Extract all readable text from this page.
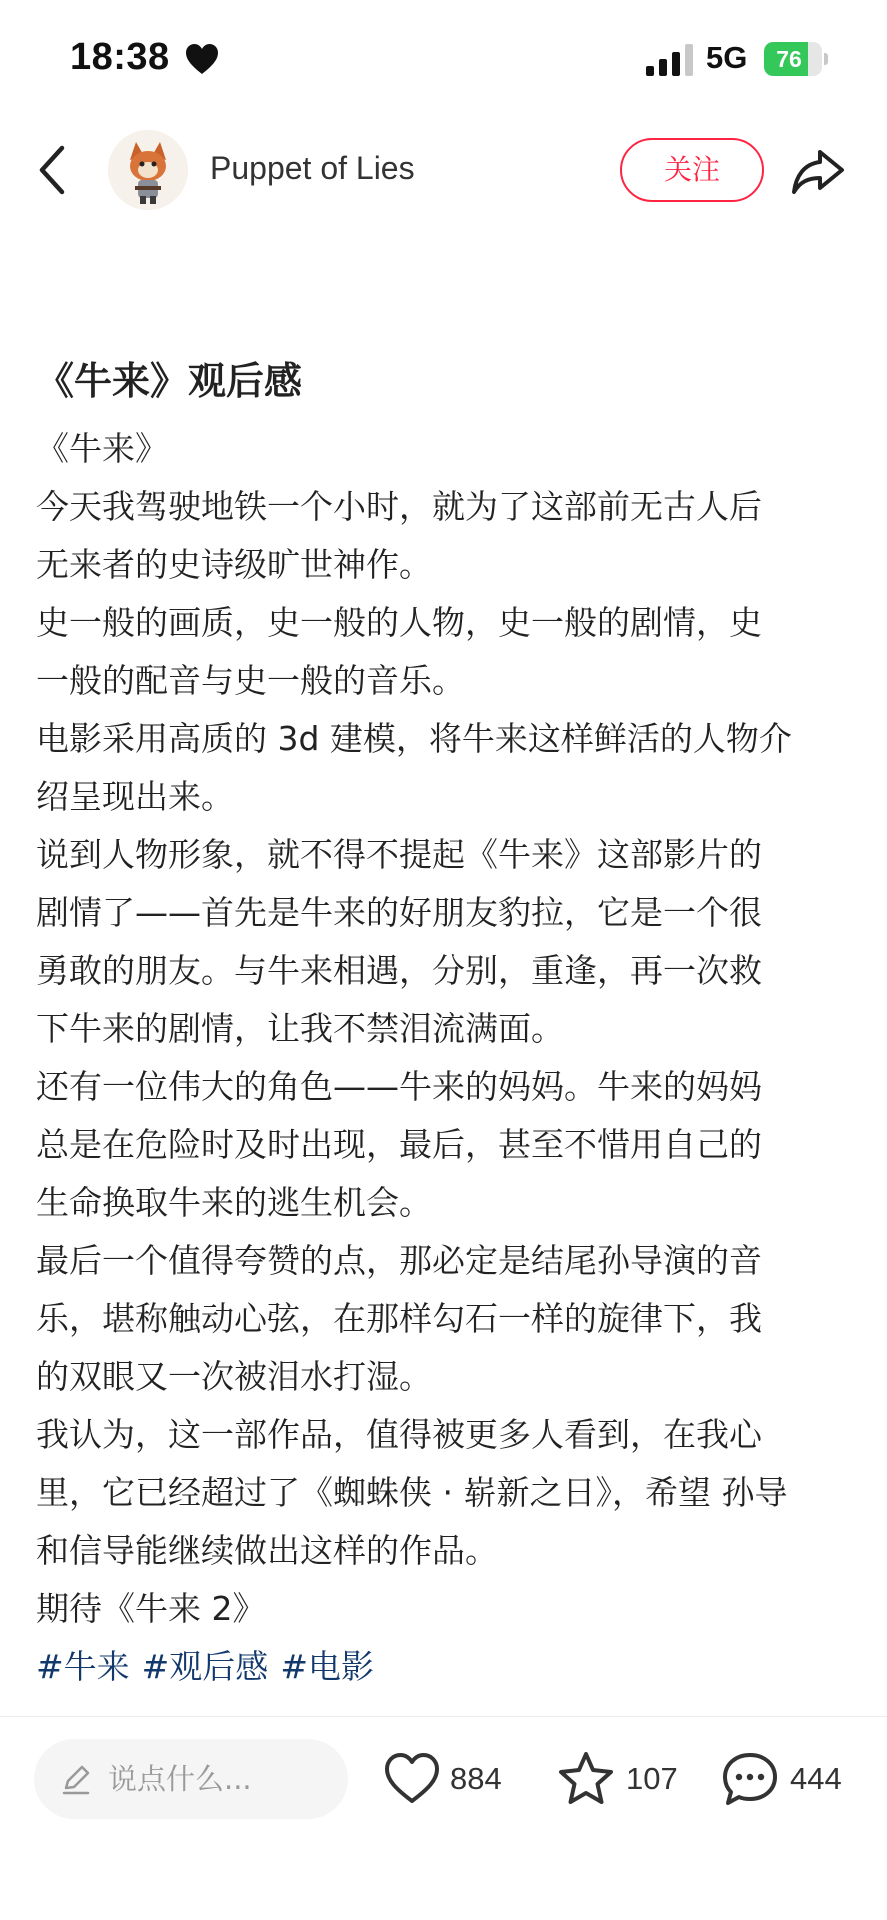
18:38	5G	76
Puppet of Lies	关注
《牛来》观后感

《牛来》

今天我驾驶地铁一个小时，就为了这部前无古人后

无来者的史诗级旷世神作。

史一般的画质，史一般的人物，史一般的剧情，史

一般的配音与史一般的音乐。

电影采用高质的 3d 建模，将牛来这样鲜活的人物介

绍呈现出来。

说到人物形象，就不得不提起《牛来》这部影片的

剧情了——首先是牛来的好朋友豹拉，它是一个很

勇敢的朋友。与牛来相遇，分别，重逢，再一次救

下牛来的剧情，让我不禁泪流满面。

还有一位伟大的角色——牛来的妈妈。牛来的妈妈

总是在危险时及时出现，最后，甚至不惜用自己的

生命换取牛来的逃生机会。

最后一个值得夸赞的点，那必定是结尾孙导演的音

乐，堪称触动心弦，在那样勾石一样的旋律下，我

的双眼又一次被泪水打湿。

我认为，这一部作品，值得被更多人看到，在我心

里，它已经超过了《蜘蛛侠 · 崭新之日》，希望 孙导

和信导能继续做出这样的作品。

期待《牛来 2》

#牛来 #观后感 #电影
说点什么...	884	107	444
